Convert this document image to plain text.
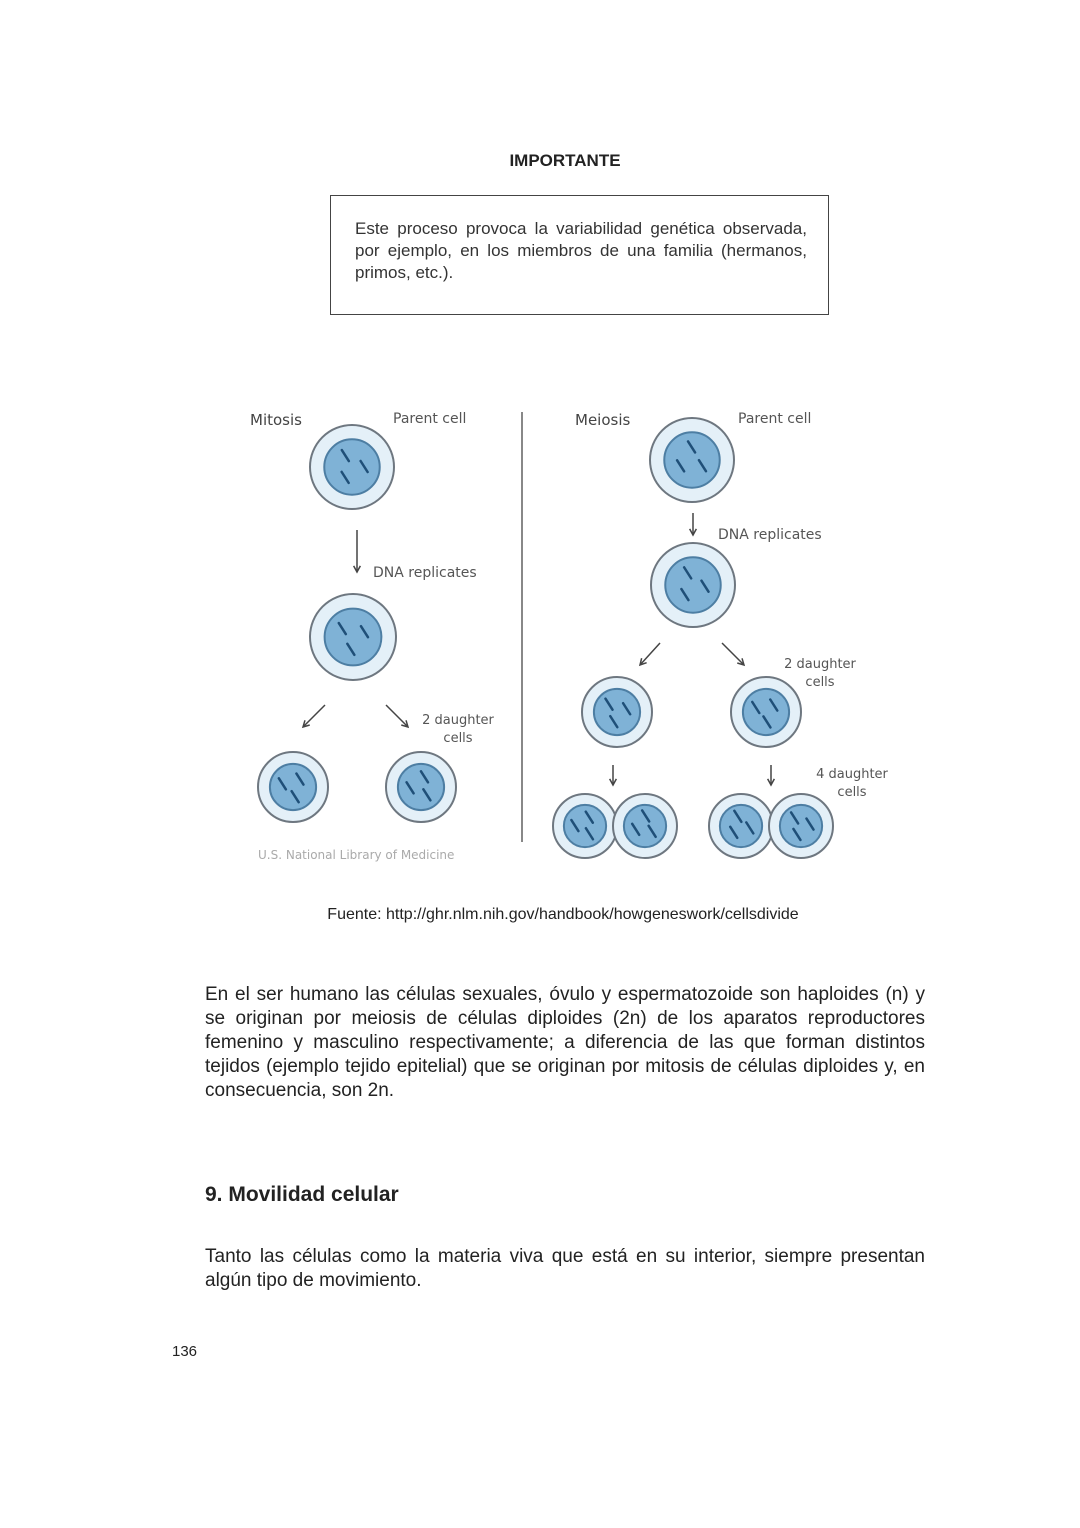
IMPORTANTE

Este proceso provoca la variabilidad genética observada, por ejemplo, en los miembros de una familia (hermanos, primos, etc.).

Mitosis	Parent cell
DNA replicates
2 daughter cells
U.S. National Library of Medicine
Meiosis	Parent cell
DNA replicates
2 daughter cells
4 daughter cells
Fuente: http://ghr.nlm.nih.gov/handbook/howgeneswork/cellsdivide
En el ser humano las células sexuales, óvulo y espermatozoide son haploides (n) y se originan por meiosis de células diploides (2n) de los aparatos reproductores femenino y masculino respectivamente; a diferencia de las que forman distintos tejidos (ejemplo tejido epitelial) que se originan por mitosis de células diploides y, en consecuencia, son 2n.
9. Movilidad celular
Tanto las células como la materia viva que está en su interior, siempre presentan algún tipo de movimiento.
136
